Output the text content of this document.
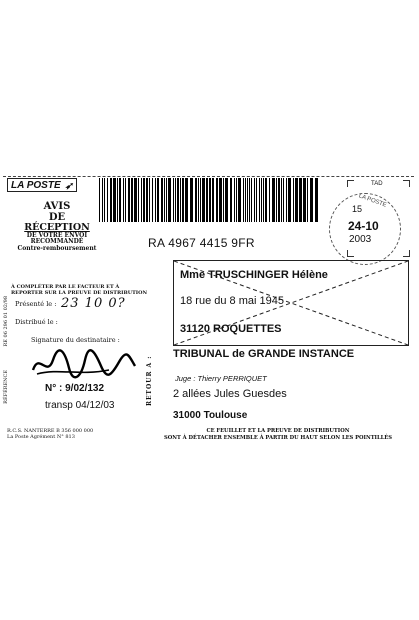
LA POSTE ➶
RA 4967 4415 9FR
TAD
LA POSTE
15
24-10
2003
AVIS
DE
RÉCEPTION
DE VOTRE ENVOI
RECOMMANDÉ
Contre-remboursement
À COMPLÉTER PAR LE FACTEUR ET À
REPORTER SUR LA PREUVE DE DISTRIBUTION
Présenté le : 23 10 0?
Distribué le :
Signature du destinataire :
RÉFÉRENCE
RE 06 296 01 02/98
N° : 9/02/132
transp 04/12/03
Mme TRUSCHINGER Hélène
18 rue du 8 mai 1945
31120 ROQUETTES
RETOUR À :
TRIBUNAL de GRANDE INSTANCE
Juge : Thierry PERRIQUET
2 allées Jules Guesdes
31000 Toulouse
R.C.S. NANTERRE B 356 000 000
La Poste Agrément N° 813
CE FEUILLET ET LA PREUVE DE DISTRIBUTION
SONT À DÉTACHER ENSEMBLE À PARTIR DU HAUT SELON LES POINTILLÉS
